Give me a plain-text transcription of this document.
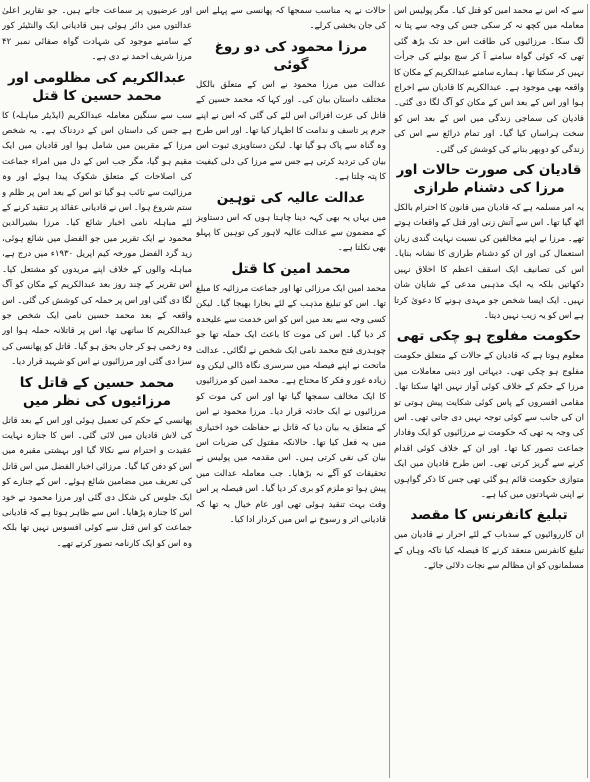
اور عرضیوں پر سماعت جاتے ہیں۔ جو تقاریر اعلیٰ عدالتوں میں دائر ہوئی ہیں قادیانی ایک والنٹیئر کور کے سامنے موجود کی شہادت گواہ صفائی نمبر ۴۲ مرزا شریف احمد نے دی ہے۔

عبدالکریم کی مظلومی اور محمد حسین کا قتل

سب سے سنگین معاملہ عبدالکریم (ایڈیٹر مباہلہ) کا ہے جس کی داستان اس کے دردناک ہے۔ یہ شخص مرزا کے مقربین میں شامل ہوا اور قادیان میں ایک مقیم ہو گیا، مگر جب اس کے دل میں امراء جماعت کی اصلاحات کے متعلق شکوک پیدا ہوئے اور وہ مرزائیت سے تائب ہو گیا تو اس کے بعد اس پر ظلم و ستم شروع ہوا۔ اس نے قادیانی عقائد پر تنقید کرنے کے لئے مباہلہ نامی اخبار شائع کیا۔ مرزا بشیرالدین محمود نے ایک تقریر میں جو الفضل میں شائع ہوئی، زید گرد الفضل مورخہ کیم اپریل ۱۹۳۰ء میں درج ہے، مباہلہ والوں کے خلاف اپنے مریدوں کو مشتعل کیا۔ اس تقریر کے چند روز بعد عبدالکریم کے مکان کو آگ لگا دی گئی اور اس پر حملہ کی کوشش کی گئی۔ اس واقعہ کے بعد محمد حسین نامی ایک شخص جو عبدالکریم کا ساتھی تھا، اس پر قاتلانہ حملہ ہوا اور وہ زخمی ہو کر جاں بحق ہو گیا۔ قاتل کو پھانسی کی سزا دی گئی اور مرزائیوں نے اس کو شہید قرار دیا۔

محمد حسین کے قاتل کا مرزائیوں کی نظر میں

پھانسی کے حکم کی تعمیل ہوئی اور اس کے بعد قاتل کی لاش قادیان میں لائی گئی۔ اس کا جنازہ نہایت عقیدت و احترام سے نکالا گیا اور بہشتی مقبرہ میں اس کو دفن کیا گیا۔ مرزائی اخبار الفضل میں اس قاتل کی تعریف میں مضامین شائع ہوئے۔ اس کے جنازے کو ایک جلوس کی شکل دی گئی اور مرزا محمود نے خود اس کا جنازہ پڑھایا۔ اس سے ظاہر ہوتا ہے کہ قادیانی جماعت کو اس قتل سے کوئی افسوس نہیں تھا بلکہ وہ اس کو ایک کارنامہ تصور کرتے تھے۔

حالات نے یہ مناسب سمجھا کہ پھانسی سے پہلے اس کی جان بخشی کرلے۔

مرزا محمود کی دو روغ گوئی

عدالت میں مرزا محمود نے اس کے متعلق بالکل مختلف داستان بیان کی۔ اور کہا کہ محمد حسین کے قاتل کی عزت افزائی اس لئے کی گئی کہ اس نے اپنے جرم پر تاسف و ندامت کا اظہار کیا تھا۔ اور اس طرح وہ گناہ سے پاک ہو گیا تھا۔ لیکن دستاویزی ثبوت اس بیان کی تردید کرتی ہے جس سے مرزا کی دلی کیفیت کا پتہ چلتا ہے۔

عدالت عالیہ کی توہین

میں یہاں یہ بھی کہہ دینا چاہتا ہوں کہ اس دستاویز کے مضمون سے عدالت عالیہ لاہور کی توہین کا پہلو بھی نکلتا ہے۔

محمد امین کا قتل

محمد امین ایک مرزائی تھا اور جماعت مرزائیہ کا مبلغ تھا۔ اس کو تبلیغ مذہب کے لئے بخارا بھیجا گیا۔ لیکن کسی وجہ سے بعد میں اس کو اس خدمت سے علیحدہ کر دیا گیا۔ اس کی موت کا باعث ایک حملہ تھا جو چوہدری فتح محمد نامی ایک شخص نے لگائی۔ عدالت ماتحت نے اپنے فیصلہ میں سرسری نگاہ ڈالی لیکن وہ زیادہ غور و فکر کا محتاج ہے۔ محمد امین کو مرزائیوں کا ایک مخالف سمجھا گیا تھا اور اس کی موت کو مرزائیوں نے ایک حادثہ قرار دیا۔ مرزا محمود نے اس کے متعلق یہ بیان دیا کہ قاتل نے حفاظت خود اختیاری میں یہ فعل کیا تھا۔ حالانکہ مقتول کی ضربات اس بیان کی نفی کرتی ہیں۔ اس مقدمہ میں پولیس نے تحقیقات کو آگے نہ بڑھایا۔ جب معاملہ عدالت میں پیش ہوا تو ملزم کو بری کر دیا گیا۔ اس فیصلہ پر اس وقت بہت تنقید ہوئی تھی اور عام خیال یہ تھا کہ قادیانی اثر و رسوخ نے اس میں کردار ادا کیا۔

سے کہ اس نے محمد امین کو قتل کیا۔ مگر پولیس اس معاملہ میں کچھ نہ کر سکی جس کی وجہ سے پتا نہ لگ سکا۔ مرزائیوں کی طاقت اس حد تک بڑھ گئی تھی کہ کوئی گواہ سامنے آ کر سچ بولنے کی جرأت نہیں کر سکتا تھا۔ ہمارے سامنے عبدالکریم کے مکان کا واقعہ بھی موجود ہے۔ عبدالکریم کا قادیان سے اخراج ہوا اور اس کے بعد اس کے مکان کو آگ لگا دی گئی۔ قادیان کی سماجی زندگی میں اس کے بعد اس کو سخت ہراساں کیا گیا۔ اور تمام ذرائع سے اس کی زندگی کو دوبھر بنانے کی کوشش کی گئی۔

قادیان کی صورت حالات اور مرزا کی دشنام طرازی

یہ امر مسلمہ ہے کہ قادیان میں قانون کا احترام بالکل اٹھ گیا تھا۔ اس سے آتش زنی اور قتل کے واقعات ہوتے تھے۔ مرزا نے اپنے مخالفین کی نسبت نہایت گندی زبان استعمال کی اور ان کو دشنام طرازی کا نشانہ بنایا۔ اس کی تصانیف ایک اسقف اعظم کا اخلاق نہیں دکھاتیں بلکہ یہ ایک مذہبی مدعی کے شایان شان نہیں۔ ایک ایسا شخص جو مہدی ہونے کا دعویٰ کرتا ہے اس کو یہ زیب نہیں دیتا۔

حکومت مفلوج ہو چکی تھی

معلوم ہوتا ہے کہ قادیان کے حالات کے متعلق حکومت مفلوج ہو چکی تھی۔ دیہاتی اور دینی معاملات میں مرزا کے حکم کے خلاف کوئی آواز نہیں اٹھا سکتا تھا۔ مقامی افسروں کے پاس کوئی شکایت پیش ہوتی تو ان کی جانب سے کوئی توجہ نہیں دی جاتی تھی۔ اس کی وجہ یہ تھی کہ حکومت نے مرزائیوں کو ایک وفادار جماعت تصور کیا تھا۔ اور ان کے خلاف کوئی اقدام کرنے سے گریز کرتی تھی۔ اس طرح قادیان میں ایک متوازی حکومت قائم ہو گئی تھی جس کا ذکر گواہوں نے اپنی شہادتوں میں کیا ہے۔

تبلیغ کانفرنس کا مقصد

ان کارروائیوں کے سدباب کے لئے احرار نے قادیان میں تبلیغ کانفرنس منعقد کرنے کا فیصلہ کیا تاکہ وہاں کے مسلمانوں کو ان مظالم سے نجات دلائی جائے۔
